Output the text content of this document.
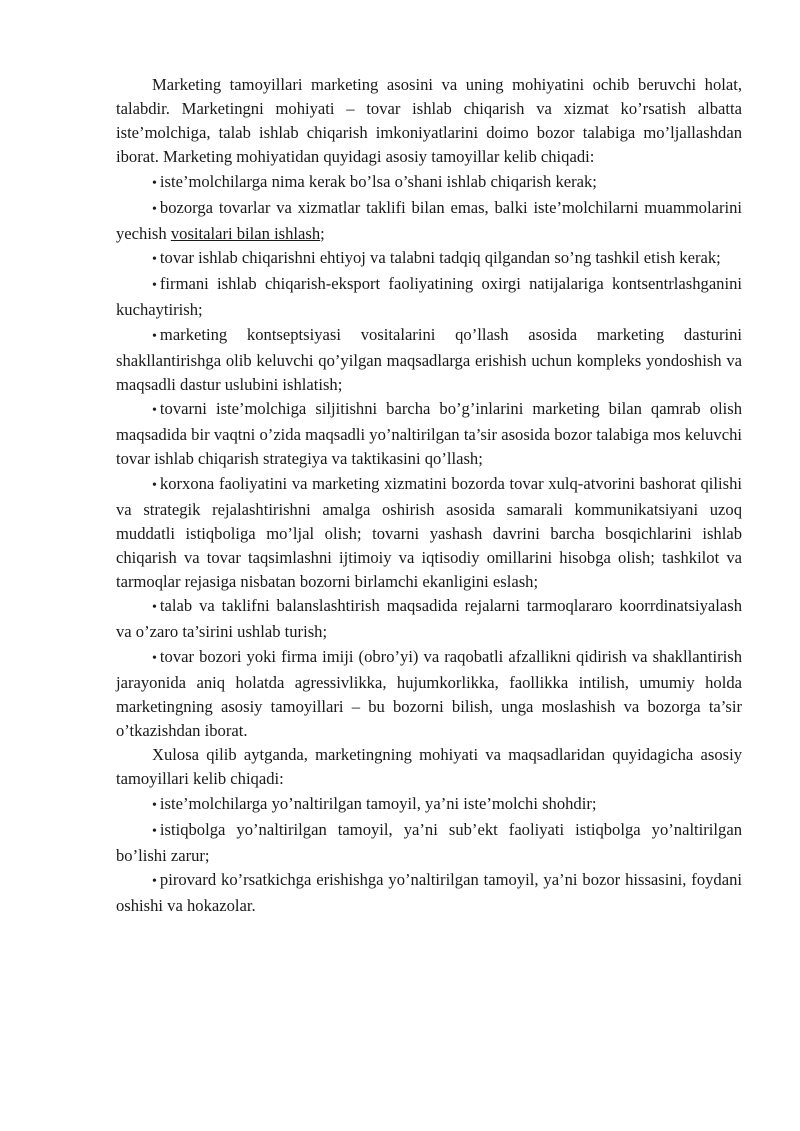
Marketing tamoyillari marketing asosini va uning mohiyatini ochib beruvchi holat, talabdir. Marketingni mohiyati – tovar ishlab chiqarish va xizmat ko’rsatish albatta iste’molchiga, talab ishlab chiqarish imkoniyatlarini doimo bozor talabiga mo’ljallashdan iborat. Marketing mohiyatidan quyidagi asosiy tamoyillar kelib chiqadi:

• iste’molchilarga nima kerak bo’lsa o’shani ishlab chiqarish kerak;

• bozorga tovarlar va xizmatlar taklifi bilan emas, balki iste’molchilarni muammolarini yechish vositalari bilan ishlash;

• tovar ishlab chiqarishni ehtiyoj va talabni tadqiq qilgandan so’ng tashkil etish kerak;

• firmani ishlab chiqarish-eksport faoliyatining oxirgi natijalariga kontsentrlashganini kuchaytirish;

• marketing kontseptsiyasi vositalarini qo’llash asosida marketing dasturini shakllantirishga olib keluvchi qo’yilgan maqsadlarga erishish uchun kompleks yondoshish va maqsadli dastur uslubini ishlatish;

• tovarni iste’molchiga siljitishni barcha bo’g’inlarini marketing bilan qamrab olish maqsadida bir vaqtni o’zida maqsadli yo’naltirilgan ta’sir asosida bozor talabiga mos keluvchi tovar ishlab chiqarish strategiya va taktikasini qo’llash;

• korxona faoliyatini va marketing xizmatini bozorda tovar xulq-atvorini bashorat qilishi va strategik rejalashtirishni amalga oshirish asosida samarali kommunikatsiyani uzoq muddatli istiqboliga mo’ljal olish; tovarni yashash davrini barcha bosqichlarini ishlab chiqarish va tovar taqsimlashni ijtimoiy va iqtisodiy omillarini hisobga olish; tashkilot va tarmoqlar rejasiga nisbatan bozorni birlamchi ekanligini eslash;

• talab va taklifni balanslashtirish maqsadida rejalarni tarmoqlararo koorrdinatsiyalash va o’zaro ta’sirini ushlab turish;

• tovar bozori yoki firma imiji (obro’yi) va raqobatli afzallikni qidirish va shakllantirish jarayonida aniq holatda agressivlikka, hujumkorlikka, faollikka intilish, umumiy holda marketingning asosiy tamoyillari – bu bozorni bilish, unga moslashish va bozorga ta’sir o’tkazishdan iborat.

Xulosa qilib aytganda, marketingning mohiyati va maqsadlaridan quyidagicha asosiy tamoyillari kelib chiqadi:

• iste’molchilarga yo’naltirilgan tamoyil, ya’ni iste’molchi shohdir;

• istiqbolga yo’naltirilgan tamoyil, ya’ni sub’ekt faoliyati istiqbolga yo’naltirilgan bo’lishi zarur;

• pirovard ko’rsatkichga erishishga yo’naltirilgan tamoyil, ya’ni bozor hissasini, foydani oshishi va hokazolar.
